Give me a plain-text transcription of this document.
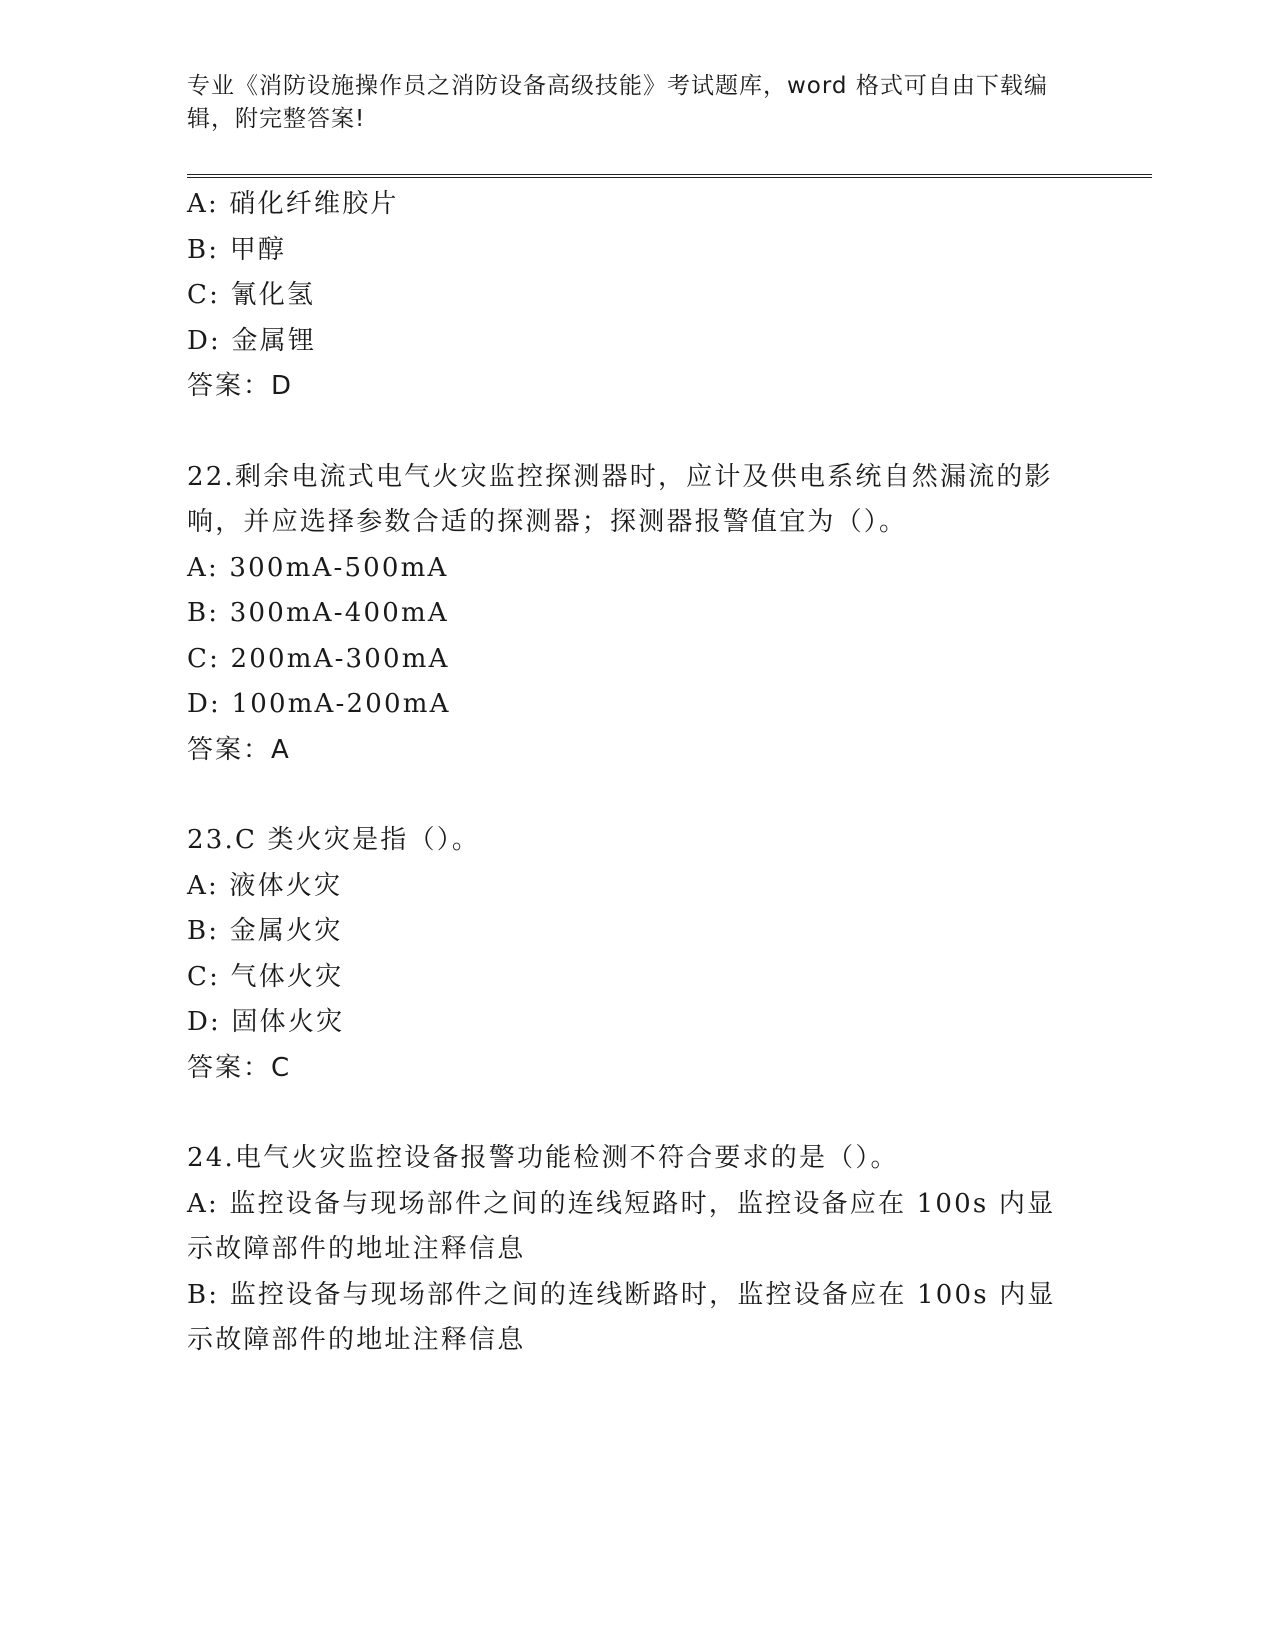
专业《消防设施操作员之消防设备高级技能》考试题库，word 格式可自由下载编
辑，附完整答案!
A: 硝化纤维胶片
B: 甲醇
C: 氰化氢
D: 金属锂
答案：D
22.剩余电流式电气火灾监控探测器时，应计及供电系统自然漏流的影
响，并应选择参数合适的探测器；探测器报警值宜为（）。
A: 300mA-500mA
B: 300mA-400mA
C: 200mA-300mA
D: 100mA-200mA
答案：A
23.C 类火灾是指（）。
A: 液体火灾
B: 金属火灾
C: 气体火灾
D: 固体火灾
答案：C
24.电气火灾监控设备报警功能检测不符合要求的是（）。
A: 监控设备与现场部件之间的连线短路时，监控设备应在 100s 内显
示故障部件的地址注释信息
B: 监控设备与现场部件之间的连线断路时，监控设备应在 100s 内显
示故障部件的地址注释信息
